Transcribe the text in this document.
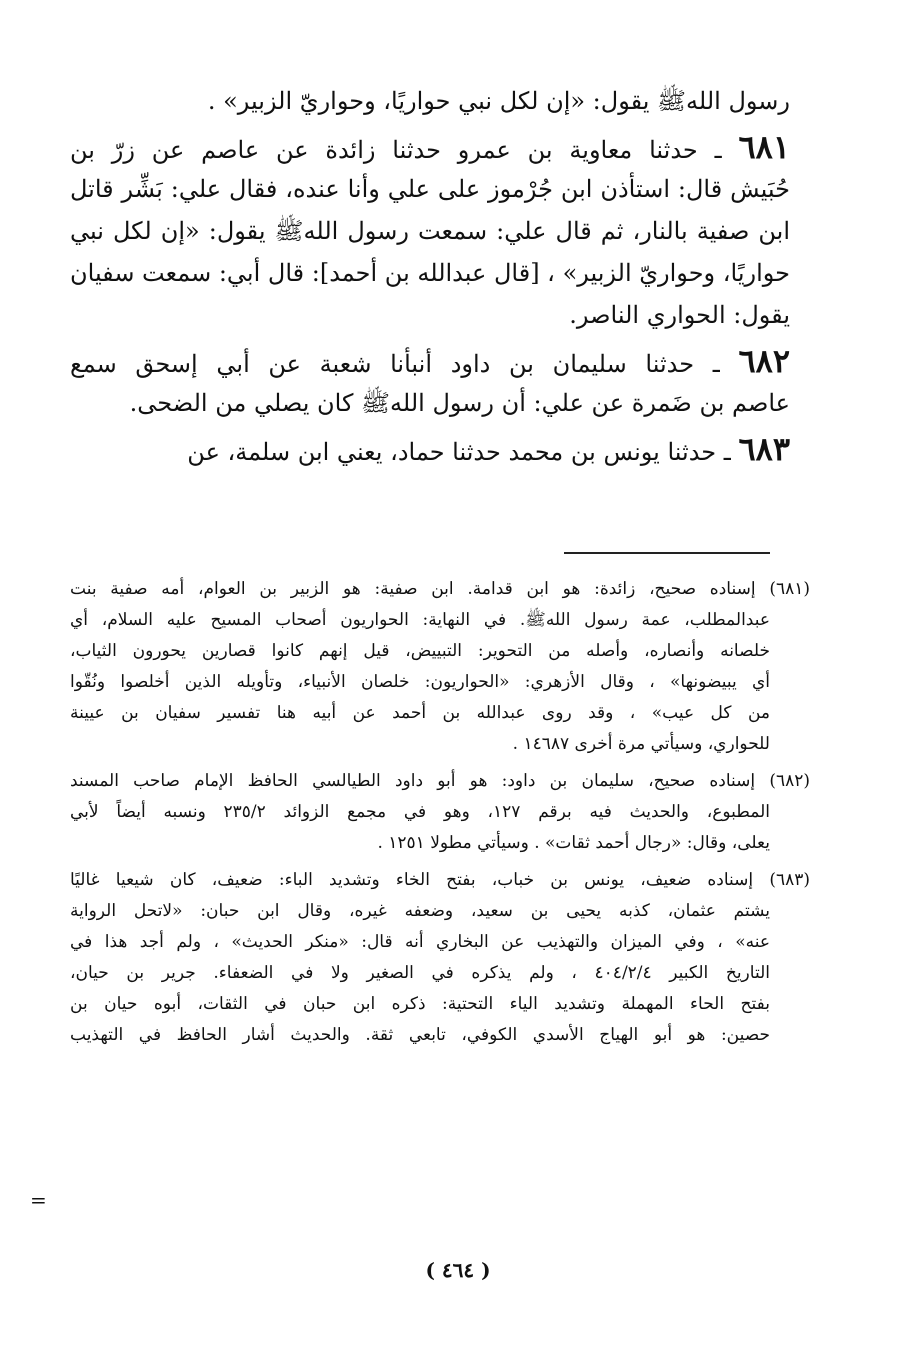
رسول اللهﷺ يقول: «إن لكل نبي حواريًا، وحواريّ الزبير» .
٦٨١ ـ حدثنا معاوية بن عمرو حدثنا زائدة عن عاصم عن زرّ بن
حُبَيش قال: استأذن ابن جُرْموز على علي وأنا عنده، فقال علي: بَشِّر قاتل
ابن صفية بالنار، ثم قال علي: سمعت رسول اللهﷺ يقول: «إن لكل نبي
حواريًا، وحواريّ الزبير» ، [قال عبدالله بن أحمد]: قال أبي: سمعت سفيان
يقول: الحواري الناصر.
٦٨٢ ـ حدثنا سليمان بن داود أنبأنا شعبة عن أبي إسحق سمع
عاصم بن ضَمرة عن علي: أن رسول اللهﷺ كان يصلي من الضحى.
٦٨٣ ـ حدثنا يونس بن محمد حدثنا حماد، يعني ابن سلمة، عن
(٦٨١) إسناده صحيح، زائدة: هو ابن قدامة. ابن صفية: هو الزبير بن العوام، أمه صفية بنت
عبدالمطلب، عمة رسول اللهﷺ. في النهاية: الحواريون أصحاب المسيح عليه السلام، أي
خلصانه وأنصاره، وأصله من التحوير: التبييض، قيل إنهم كانوا قصارين يحورون الثياب،
أي يبيضونها» ، وقال الأزهري: «الحواريون: خلصان الأنبياء، وتأويله الذين أخلصوا ونُقّوا
من كل عيب» ، وقد روى عبدالله بن أحمد عن أبيه هنا تفسير سفيان بن عيينة
للحواري، وسيأتي مرة أخرى ١٤٦٨٧ .
(٦٨٢) إسناده صحيح، سليمان بن داود: هو أبو داود الطيالسي الحافظ الإمام صاحب المسند
المطبوع، والحديث فيه برقم ١٢٧، وهو في مجمع الزوائد ٢٣٥/٢ ونسبه أيضاً لأبي
يعلى، وقال: «رجال أحمد ثقات» . وسيأتي مطولا ١٢٥١ .
(٦٨٣) إسناده ضعيف، يونس بن خباب، بفتح الخاء وتشديد الباء: ضعيف، كان شيعيا غاليًا
يشتم عثمان، كذبه يحيى بن سعيد، وضعفه غيره، وقال ابن حبان: «لاتحل الرواية
عنه» ، وفي الميزان والتهذيب عن البخاري أنه قال: «منكر الحديث» ، ولم أجد هذا في
التاريخ الكبير ٤٠٤/٢/٤ ، ولم يذكره في الصغير ولا في الضعفاء. جرير بن حيان،
بفتح الحاء المهملة وتشديد الياء التحتية: ذكره ابن حبان في الثقات، أبوه حيان بن
حصين: هو أبو الهياج الأسدي الكوفي، تابعي ثقة. والحديث أشار الحافظ في التهذيب
=
( ٤٦٤ )
